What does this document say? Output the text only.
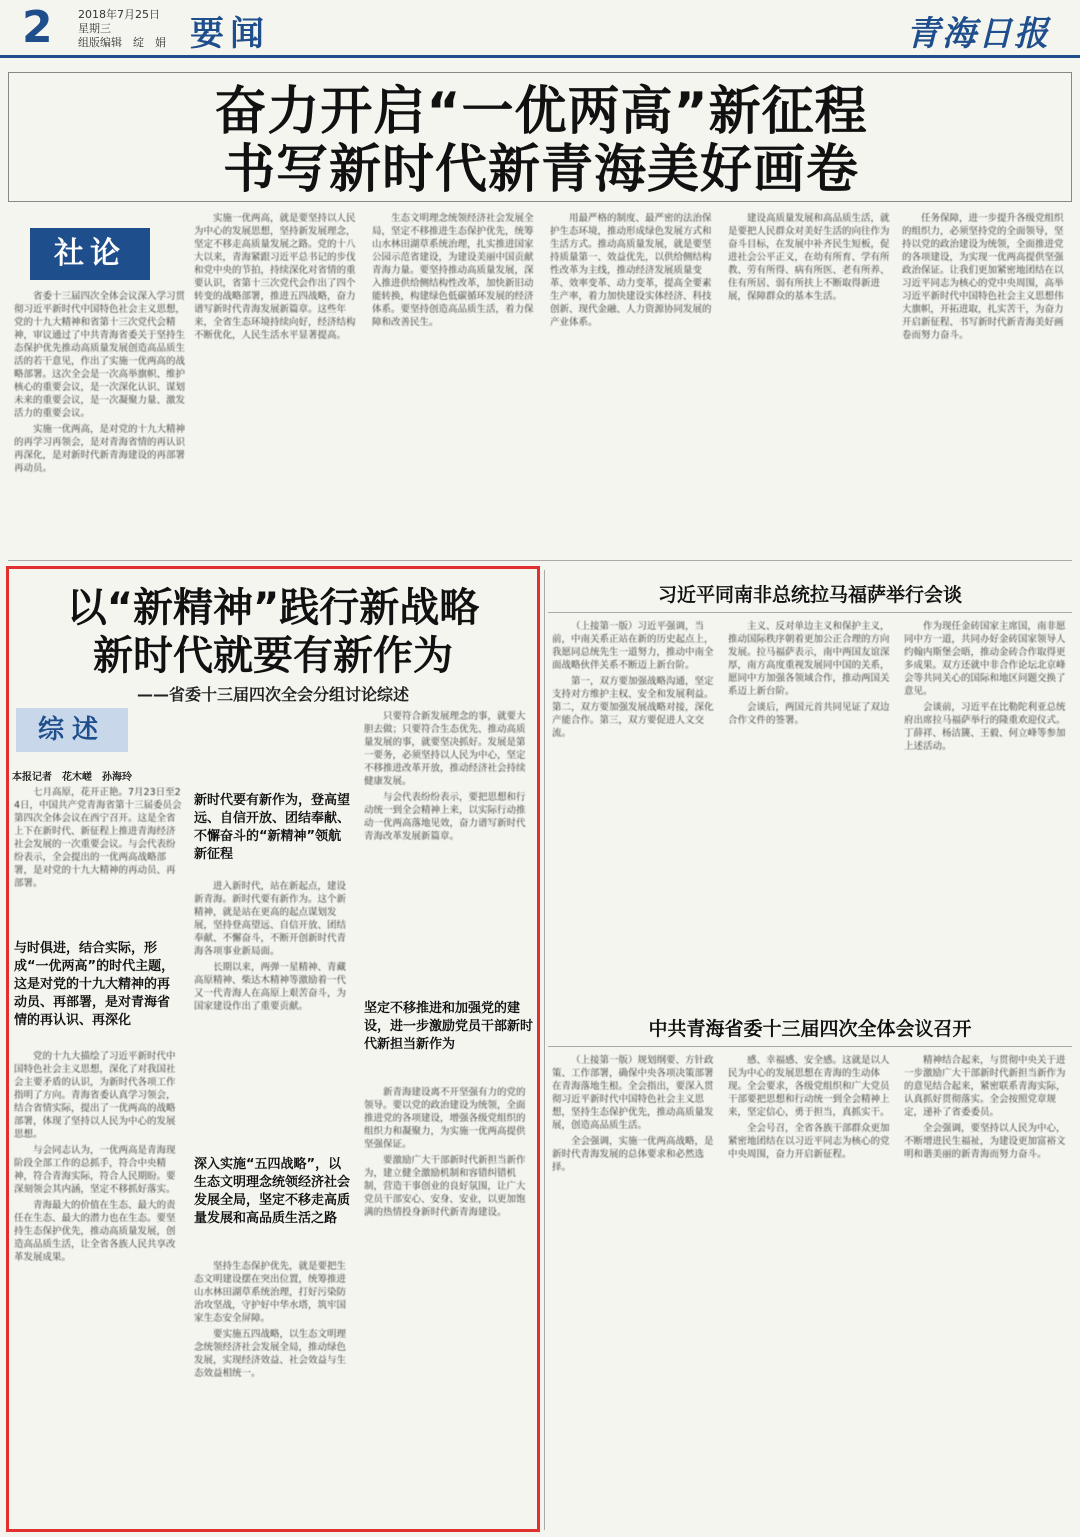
2 2018年7月25日
星期三
组版编辑　绽　娟 要闻	青海日报
奋力开启“一优两高”新征程
书写新时代新青海美好画卷
社论

省委十三届四次全体会议深入学习贯彻习近平新时代中国特色社会主义思想，党的十九大精神和省第十三次党代会精神，审议通过了中共青海省委关于坚持生态保护优先推动高质量发展创造高品质生活的若干意见，作出了实施一优两高的战略部署。这次全会是一次高举旗帜、维护核心的重要会议，是一次深化认识、谋划未来的重要会议，是一次凝聚力量、激发活力的重要会议。

实施一优两高，是对党的十九大精神的再学习再领会，是对青海省情的再认识再深化，是对新时代新青海建设的再部署再动员。

实施一优两高，就是要坚持以人民为中心的发展思想，坚持新发展理念，坚定不移走高质量发展之路。党的十八大以来，青海紧跟习近平总书记的步伐和党中央的节拍，持续深化对省情的重要认识，省第十三次党代会作出了四个转变的战略部署，推进五四战略，奋力谱写新时代青海发展新篇章。这些年来，全省生态环境持续向好，经济结构不断优化，人民生活水平显著提高。

生态文明理念统领经济社会发展全局，坚定不移推进生态保护优先，统筹山水林田湖草系统治理，扎实推进国家公园示范省建设，为建设美丽中国贡献青海力量。要坚持推动高质量发展，深入推进供给侧结构性改革，加快新旧动能转换，构建绿色低碳循环发展的经济体系。要坚持创造高品质生活，着力保障和改善民生。

用最严格的制度、最严密的法治保护生态环境，推动形成绿色发展方式和生活方式。推动高质量发展，就是要坚持质量第一、效益优先，以供给侧结构性改革为主线，推动经济发展质量变革、效率变革、动力变革，提高全要素生产率，着力加快建设实体经济、科技创新、现代金融、人力资源协同发展的产业体系。

建设高质量发展和高品质生活，就是要把人民群众对美好生活的向往作为奋斗目标，在发展中补齐民生短板，促进社会公平正义，在幼有所育、学有所教、劳有所得、病有所医、老有所养、住有所居、弱有所扶上不断取得新进展，保障群众的基本生活。

任务保障，进一步提升各级党组织的组织力，必须坚持党的全面领导，坚持以党的政治建设为统领，全面推进党的各项建设，为实现一优两高提供坚强政治保证。让我们更加紧密地团结在以习近平同志为核心的党中央周围，高举习近平新时代中国特色社会主义思想伟大旗帜，开拓进取，扎实苦干，为奋力开启新征程、书写新时代新青海美好画卷而努力奋斗。

以“新精神”践行新战略
新时代就要有新作为
——省委十三届四次全会分组讨论综述
综述
本报记者　花木嵯　孙海玲

七月高原，花开正艳。7月23日至24日，中国共产党青海省第十三届委员会第四次全体会议在西宁召开。这是全省上下在新时代、新征程上推进青海经济社会发展的一次重要会议。与会代表纷纷表示，全会提出的一优两高战略部署，是对党的十九大精神的再动员、再部署。

与时俱进，结合实际，形成“一优两高”的时代主题，这是对党的十九大精神的再动员、再部署，是对青海省情的再认识、再深化

党的十九大描绘了习近平新时代中国特色社会主义思想，深化了对我国社会主要矛盾的认识，为新时代各项工作指明了方向。青海省委认真学习领会，结合省情实际，提出了一优两高的战略部署，体现了坚持以人民为中心的发展思想。

与会同志认为，一优两高是青海现阶段全部工作的总抓手，符合中央精神，符合青海实际，符合人民期盼。要深刻领会其内涵，坚定不移抓好落实。

青海最大的价值在生态、最大的责任在生态、最大的潜力也在生态。要坚持生态保护优先，推动高质量发展，创造高品质生活，让全省各族人民共享改革发展成果。

新时代要有新作为，登高望远、自信开放、团结奉献、不懈奋斗的“新精神”领航新征程

进入新时代，站在新起点，建设新青海。新时代要有新作为。这个新精神，就是站在更高的起点谋划发展，坚持登高望远、自信开放、团结奉献、不懈奋斗，不断开创新时代青海各项事业新局面。

长期以来，两弹一星精神、青藏高原精神、柴达木精神等激励着一代又一代青海人在高原上艰苦奋斗，为国家建设作出了重要贡献。

深入实施“五四战略”，以生态文明理念统领经济社会发展全局，坚定不移走高质量发展和高品质生活之路

坚持生态保护优先，就是要把生态文明建设摆在突出位置，统筹推进山水林田湖草系统治理，打好污染防治攻坚战，守护好中华水塔，筑牢国家生态安全屏障。

要实施五四战略，以生态文明理念统领经济社会发展全局，推动绿色发展，实现经济效益、社会效益与生态效益相统一。

只要符合新发展理念的事，就要大胆去做；只要符合生态优先、推动高质量发展的事，就要坚决抓好。发展是第一要务，必须坚持以人民为中心，坚定不移推进改革开放，推动经济社会持续健康发展。

与会代表纷纷表示，要把思想和行动统一到全会精神上来，以实际行动推动一优两高落地见效，奋力谱写新时代青海改革发展新篇章。

坚定不移推进和加强党的建设，进一步激励党员干部新时代新担当新作为

新青海建设离不开坚强有力的党的领导。要以党的政治建设为统领，全面推进党的各项建设，增强各级党组织的组织力和凝聚力，为实施一优两高提供坚强保证。

要激励广大干部新时代新担当新作为，建立健全激励机制和容错纠错机制，营造干事创业的良好氛围，让广大党员干部安心、安身、安业，以更加饱满的热情投身新时代新青海建设。

习近平同南非总统拉马福萨举行会谈

（上接第一版）习近平强调，当前，中南关系正站在新的历史起点上，我愿同总统先生一道努力，推动中南全面战略伙伴关系不断迈上新台阶。

第一，双方要加强战略沟通，坚定支持对方维护主权、安全和发展利益。第二，双方要加强发展战略对接，深化产能合作。第三，双方要促进人文交流。

主义、反对单边主义和保护主义，推动国际秩序朝着更加公正合理的方向发展。拉马福萨表示，南中两国友谊深厚，南方高度重视发展同中国的关系，愿同中方加强各领域合作，推动两国关系迈上新台阶。

会谈后，两国元首共同见证了双边合作文件的签署。

作为现任金砖国家主席国，南非愿同中方一道，共同办好金砖国家领导人约翰内斯堡会晤，推动金砖合作取得更多成果。双方还就中非合作论坛北京峰会等共同关心的国际和地区问题交换了意见。

会谈前，习近平在比勒陀利亚总统府出席拉马福萨举行的隆重欢迎仪式。丁薛祥、杨洁篪、王毅、何立峰等参加上述活动。

中共青海省委十三届四次全体会议召开

（上接第一版）规划纲要、方针政策、工作部署，确保中央各项决策部署在青海落地生根。全会指出，要深入贯彻习近平新时代中国特色社会主义思想，坚持生态保护优先，推动高质量发展，创造高品质生活。

全会强调，实施一优两高战略，是新时代青海发展的总体要求和必然选择。

感、幸福感、安全感。这就是以人民为中心的发展思想在青海的生动体现。全会要求，各级党组织和广大党员干部要把思想和行动统一到全会精神上来，坚定信心，勇于担当，真抓实干。

全会号召，全省各族干部群众更加紧密地团结在以习近平同志为核心的党中央周围，奋力开启新征程。

精神结合起来，与贯彻中央关于进一步激励广大干部新时代新担当新作为的意见结合起来，紧密联系青海实际，认真抓好贯彻落实。全会按照党章规定，递补了省委委员。

全会强调，要坚持以人民为中心，不断增进民生福祉，为建设更加富裕文明和谐美丽的新青海而努力奋斗。
